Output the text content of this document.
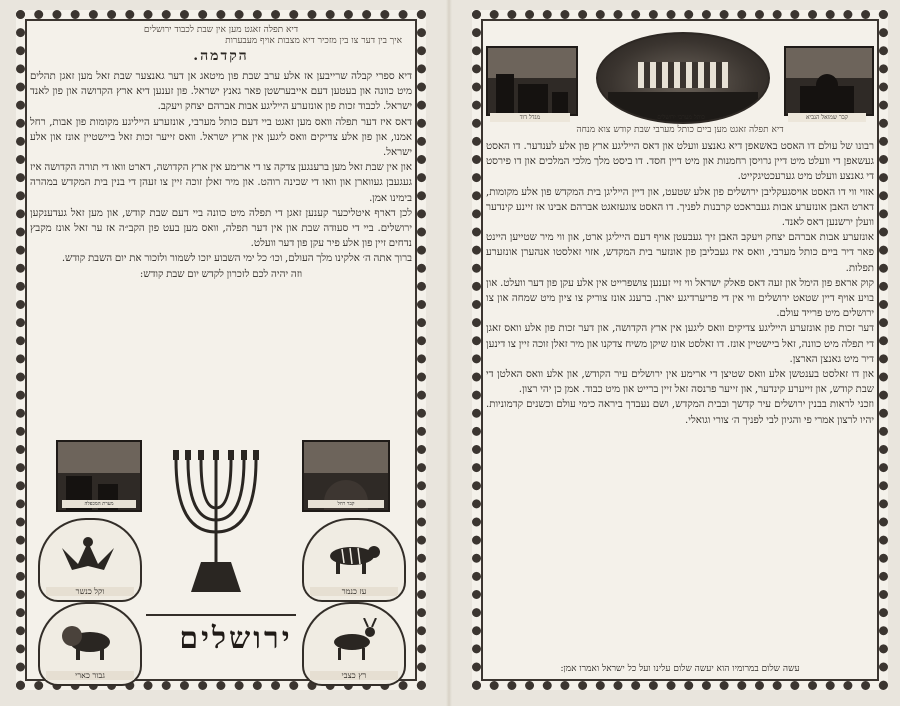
דיא תפלה זאגט מען אין שבת לכבוד ירושלים
איך בין דער צו בין מזכיר דיא מצבות אויף מעבערות
הקדמה.

דיא ספרי קבלה שרייבען אז אלע ערב שבת פון מיטאג אן דער גאנצער שבת זאל מען זאגן תהלים מיט כוונה און בעטען דעם אייבערשטן פאר גאנץ ישראל. פון זענען דיא ארץ הקדושה און פון לאנד ישראל. לכבוד זכות פון אונזערע הייליגע אבות אברהם יצחק ויעקב.

דאס איז דער תפלה וואס מען זאגט ביי דעם כותל מערבי, אונזערע הייליגע מקומות פון אבות, רחל אמנו, און פון אלע צדיקים וואס ליגען אין ארץ ישראל. וואס זייער זכות זאל ביישטיין אונז און אלע ישראל.

און אין שבת זאל מען ברענגען צדקה צו די ארימע אין ארץ הקדושה, דארט וואו די תורה הקדושה איז געגעבן געווארן און וואו די שכינה רוהט. און מיר זאלן זוכה זיין צו זעהן די בנין בית המקדש במהרה בימינו אמן.

לכן דארף איטליכער קענען זאגן די תפלה מיט כוונה ביי דעם שבת קודש, און מען זאל געדענקען ירושלים. ביי די סעודה שבת און אין דער תפלה, וואס מען בעט פון הקב״ה אז ער זאל אונז מקבץ נדחים זיין פון אלע פיר עקן פון דער וועלט.

ברוך אתה ה׳ אלקינו מלך העולם, וכו׳ כל ימי השבוע יזכו לשמור ולזכור את יום השבת קודש.

וזה יהיה לכם לזכרון לקדש יום שבת קודש:

מערת המכפלה	קבר רחל
וקל כנשר
גבור כארי
עז כנמר
רץ כצבי
ירושלים
מגדל דוד	כותל מערבי ירושלים	קבר שמואל הנביא
דיא תפלה זאגט מען ביים כותל מערבי שבת קודש צוא מנחה

רבונו של עולם דו האסט באשאפן דיא גאנצע וועלט און דאס הייליגע ארץ פון אלע לענדער. דו האסט געשאפן די וועלט מיט דיין גרויסן רחמנות און מיט דיין חסד. דו ביסט מלך מלכי המלכים און דו פירסט די גאנצע וועלט מיט גערעכטיגקייט.

אזוי ווי דו האסט אויסגעקליבן ירושלים פון אלע שטעט, און דיין הייליגן בית המקדש פון אלע מקומות, דארט האבן אונזערע אבות געבראכט קרבנות לפניך. דו האסט צוגעזאגט אברהם אבינו אז זיינע קינדער וועלן ירשנען דאס לאנד.

אונזערע אבות אברהם יצחק ויעקב האבן זיך געבעטן אויף דעם הייליגן ארט, און ווי מיר שטייען היינט פאר דיר ביים כותל מערבי, וואס איז געבליבן פון אונזער בית המקדש, אזוי זאלסטו אנהערן אונזערע תפלות.

קוק אראפ פון הימל און זעה דאס פאלק ישראל ווי זיי זענען צושפרייט אין אלע עקן פון דער וועלט. און בויע אויף דיין שטאט ירושלים ווי אין די פריערדיגע יארן. ברענג אונז צוריק צו ציון מיט שמחה און צו ירושלים מיט פרייד עולם.

דער זכות פון אונזערע הייליגע צדיקים וואס ליגען אין ארץ הקדושה, און דער זכות פון אלע וואס זאגן די תפלה מיט כוונה, זאל ביישטיין אונז. דו זאלסט אונז שיקן משיח צדקנו און מיר זאלן זוכה זיין צו דינען דיר מיט גאנצן הארצן.

און דו זאלסט בענטשן אלע וואס שטיצן די ארימע אין ירושלים עיר הקודש, און אלע וואס האלטן די שבת קודש, און זייערע קינדער, און זייער פרנסה זאל זיין ברייט און מיט כבוד. אמן כן יהי רצון.

וזכני לראות בבנין ירושלים עיר קדשך ובבית המקדש, ושם נעבדך ביראה כימי עולם וכשנים קדמוניות. יהיו לרצון אמרי פי והגיון לבי לפניך ה׳ צורי וגואלי.

עשה שלום במרומיו הוא יעשה שלום עלינו ועל כל ישראל ואמרו אמן:
